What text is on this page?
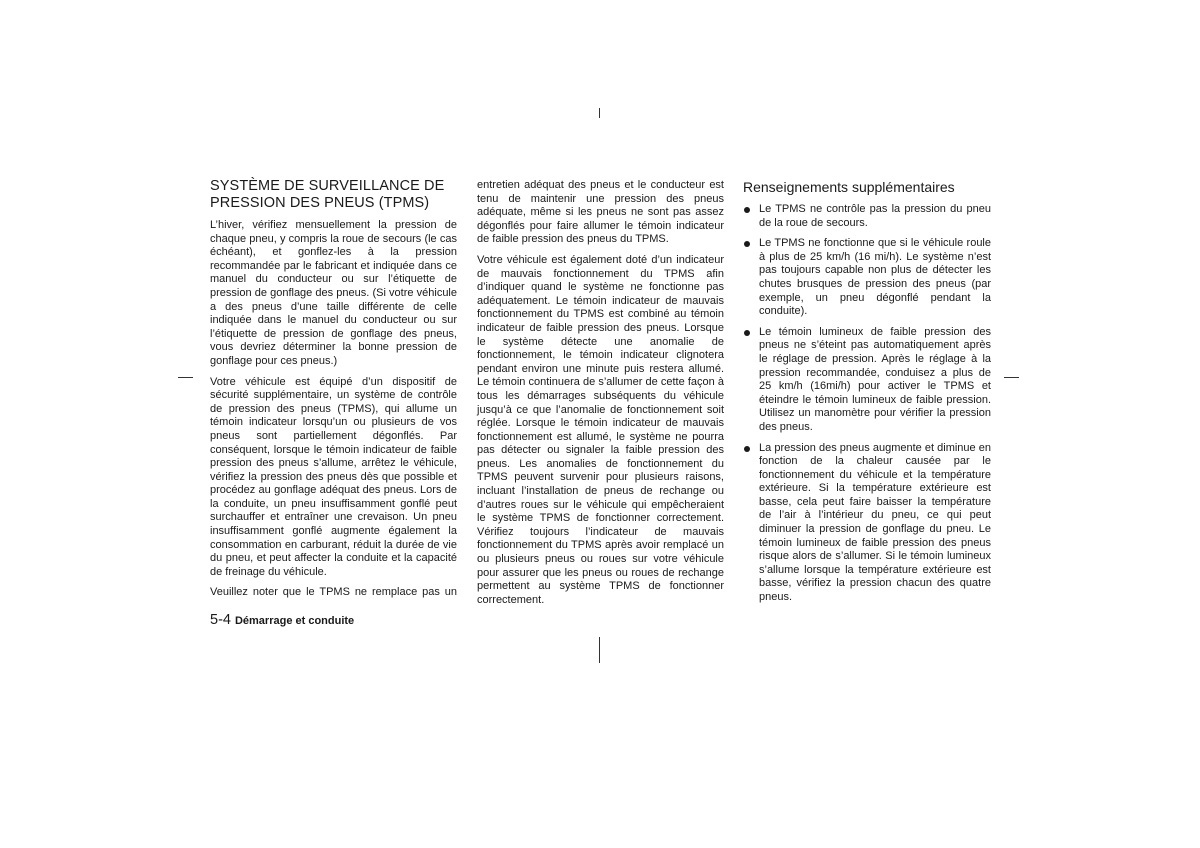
SYSTÈME DE SURVEILLANCE DE PRESSION DES PNEUS (TPMS)

L’hiver, vérifiez mensuellement la pression de chaque pneu, y compris la roue de secours (le cas échéant), et gonflez-les à la pression recommandée par le fabricant et indiquée dans ce manuel du conducteur ou sur l’étiquette de pression de gonflage des pneus. (Si votre véhicule a des pneus d’une taille différente de celle indiquée dans le manuel du conducteur ou sur l’étiquette de pression de gonflage des pneus, vous devriez déterminer la bonne pression de gonflage pour ces pneus.)

Votre véhicule est équipé d’un dispositif de sécurité supplémentaire, un système de contrôle de pression des pneus (TPMS), qui allume un témoin indicateur lorsqu’un ou plusieurs de vos pneus sont partiellement dégonflés. Par conséquent, lorsque le témoin indicateur de faible pression des pneus s’allume, arrêtez le véhicule, vérifiez la pression des pneus dès que possible et procédez au gonflage adéquat des pneus. Lors de la conduite, un pneu insuffisamment gonflé peut surchauffer et entraîner une crevaison. Un pneu insuffisamment gonflé augmente également la consommation en carburant, réduit la durée de vie du pneu, et peut affecter la conduite et la capacité de freinage du véhicule.

Veuillez noter que le TPMS ne remplace pas un

entretien adéquat des pneus et le conducteur est tenu de maintenir une pression des pneus adéquate, même si les pneus ne sont pas assez dégonflés pour faire allumer le témoin indicateur de faible pression des pneus du TPMS.

Votre véhicule est également doté d’un indicateur de mauvais fonctionnement du TPMS afin d’indiquer quand le système ne fonctionne pas adéquatement. Le témoin indicateur de mauvais fonctionnement du TPMS est combiné au témoin indicateur de faible pression des pneus. Lorsque le système détecte une anomalie de fonctionnement, le témoin indicateur clignotera pendant environ une minute puis restera allumé. Le témoin continuera de s’allumer de cette façon à tous les démarrages subséquents du véhicule jusqu’à ce que l’anomalie de fonctionnement soit réglée. Lorsque le témoin indicateur de mauvais fonctionnement est allumé, le système ne pourra pas détecter ou signaler la faible pression des pneus. Les anomalies de fonctionnement du TPMS peuvent survenir pour plusieurs raisons, incluant l’installation de pneus de rechange ou d’autres roues sur le véhicule qui empêcheraient le système TPMS de fonctionner correctement. Vérifiez toujours l’indicateur de mauvais fonctionnement du TPMS après avoir remplacé un ou plusieurs pneus ou roues sur votre véhicule pour assurer que les pneus ou roues de rechange permettent au système TPMS de fonctionner correctement.

Renseignements supplémentaires
Le TPMS ne contrôle pas la pression du pneu de la roue de secours.
Le TPMS ne fonctionne que si le véhicule roule à plus de 25 km/h (16 mi/h). Le système n’est pas toujours capable non plus de détecter les chutes brusques de pression des pneus (par exemple, un pneu dégonflé pendant la conduite).
Le témoin lumineux de faible pression des pneus ne s’éteint pas automatiquement après le réglage de pression. Après le réglage à la pression recommandée, conduisez a plus de 25 km/h (16mi/h) pour activer le TPMS et éteindre le témoin lumineux de faible pression. Utilisez un manomètre pour vérifier la pression des pneus.
La pression des pneus augmente et diminue en fonction de la chaleur causée par le fonctionnement du véhicule et la température extérieure. Si la température extérieure est basse, cela peut faire baisser la température de l’air à l’intérieur du pneu, ce qui peut diminuer la pression de gonflage du pneu. Le témoin lumineux de faible pression des pneus risque alors de s’allumer. Si le témoin lumineux s’allume lorsque la température extérieure est basse, vérifiez la pression chacun des quatre pneus.
5-4 Démarrage et conduite
